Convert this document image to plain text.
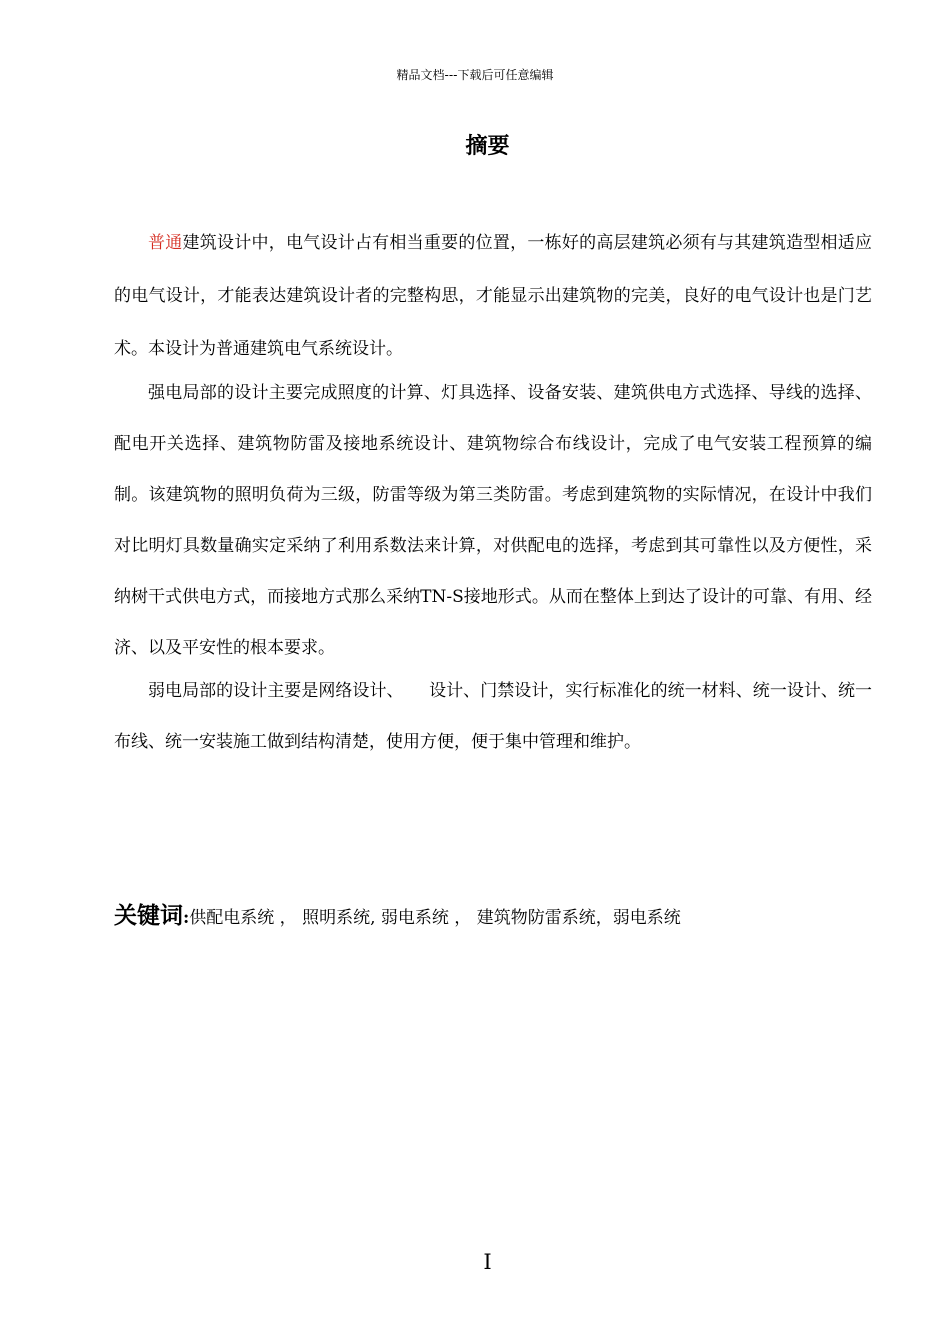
精品文档---下载后可任意编辑
摘要

普通建筑设计中，电气设计占有相当重要的位置，一栋好的高层建筑必须有与其建筑造型相适应的电气设计，才能表达建筑设计者的完整构思，才能显示出建筑物的完美，良好的电气设计也是门艺术。本设计为普通建筑电气系统设计。

强电局部的设计主要完成照度的计算、灯具选择、设备安装、建筑供电方式选择、导线的选择、配电开关选择、建筑物防雷及接地系统设计、建筑物综合布线设计，完成了电气安装工程预算的编制。该建筑物的照明负荷为三级，防雷等级为第三类防雷。考虑到建筑物的实际情况，在设计中我们对比明灯具数量确实定采纳了利用系数法来计算，对供配电的选择，考虑到其可靠性以及方便性，采纳树干式供电方式，而接地方式那么采纳TN-S接地形式。从而在整体上到达了设计的可靠、有用、经济、以及平安性的根本要求。

弱电局部的设计主要是网络设计、　　设计、门禁设计，实行标准化的统一材料、统一设计、统一布线、统一安装施工做到结构清楚，使用方便，便于集中管理和维护。

关键词:供配电系统 ， 照明系统, 弱电系统 ， 建筑物防雷系统，弱电系统
I
